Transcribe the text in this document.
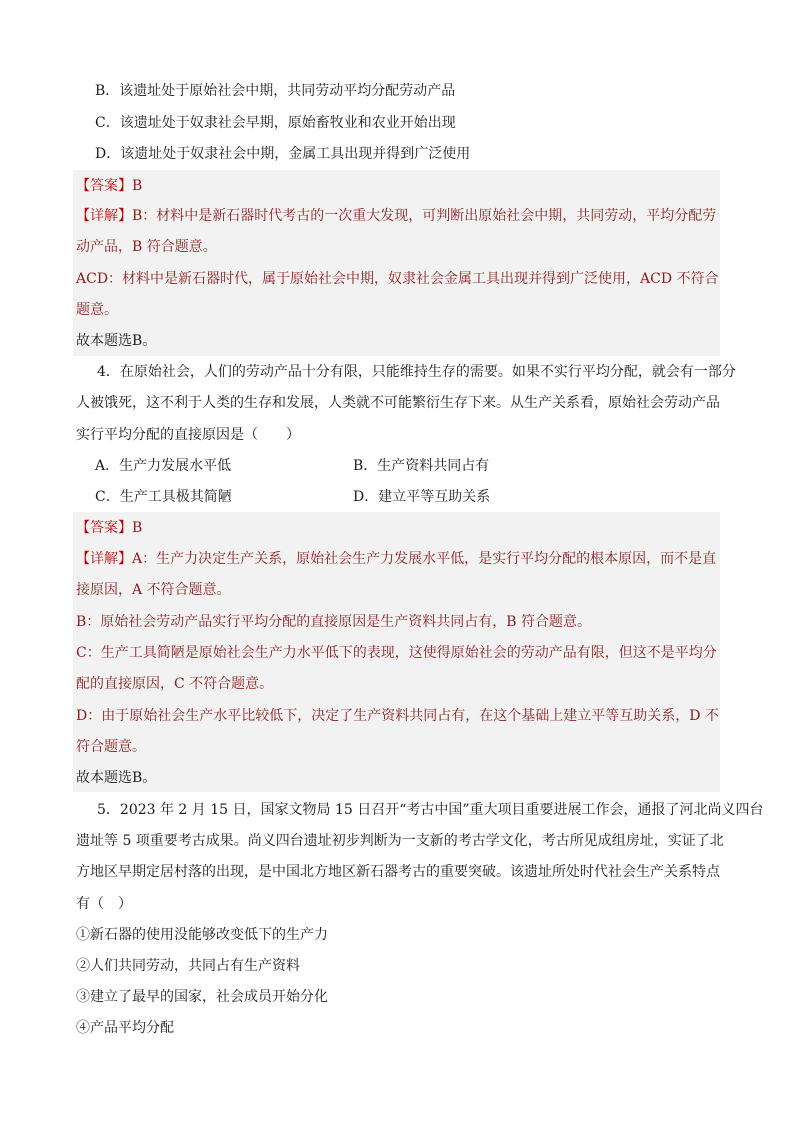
B．该遗址处于原始社会中期，共同劳动平均分配劳动产品
C．该遗址处于奴隶社会早期，原始畜牧业和农业开始出现
D．该遗址处于奴隶社会中期，金属工具出现并得到广泛使用
【答案】B
【详解】B：材料中是新石器时代考古的一次重大发现，可判断出原始社会中期，共同劳动，平均分配劳
动产品，B 符合题意。
ACD：材料中是新石器时代，属于原始社会中期，奴隶社会金属工具出现并得到广泛使用，ACD 不符合
题意。
故本题选B。
4．在原始社会，人们的劳动产品十分有限，只能维持生存的需要。如果不实行平均分配，就会有一部分
人被饿死，这不利于人类的生存和发展，人类就不可能繁衍生存下来。从生产关系看，原始社会劳动产品
实行平均分配的直接原因是（　　）
A．生产力发展水平低	B．生产资料共同占有
C．生产工具极其简陋	D．建立平等互助关系
【答案】B
【详解】A：生产力决定生产关系，原始社会生产力发展水平低，是实行平均分配的根本原因，而不是直
接原因，A 不符合题意。
B：原始社会劳动产品实行平均分配的直接原因是生产资料共同占有，B 符合题意。
C：生产工具简陋是原始社会生产力水平低下的表现，这使得原始社会的劳动产品有限，但这不是平均分
配的直接原因，C 不符合题意。
D：由于原始社会生产水平比较低下，决定了生产资料共同占有，在这个基础上建立平等互助关系，D 不
符合题意。
故本题选B。
5．2023 年 2 月 15 日，国家文物局 15 日召开“考古中国”重大项目重要进展工作会，通报了河北尚义四台
遗址等 5 项重要考古成果。尚义四台遗址初步判断为一支新的考古学文化，考古所见成组房址，实证了北
方地区早期定居村落的出现，是中国北方地区新石器考古的重要突破。该遗址所处时代社会生产关系特点
有（　）
①新石器的使用没能够改变低下的生产力
②人们共同劳动，共同占有生产资料
③建立了最早的国家，社会成员开始分化
④产品平均分配
